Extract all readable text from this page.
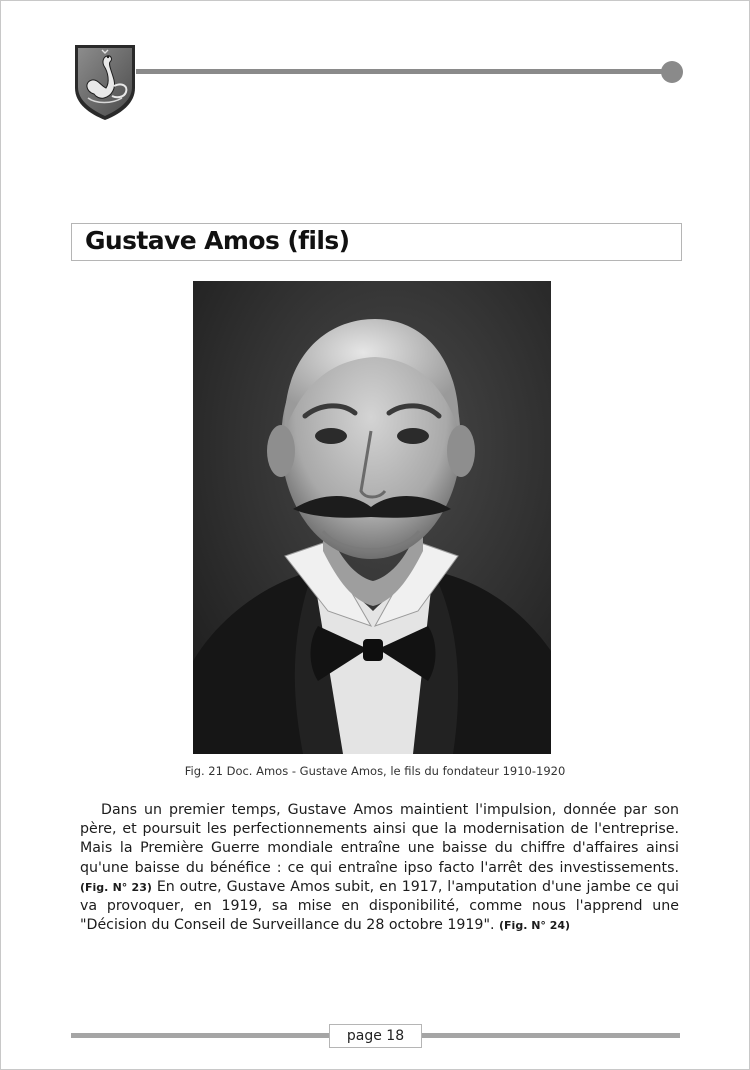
Gustave Amos (fils)
Fig. 21 Doc. Amos - Gustave Amos, le fils du fondateur 1910-1920
Dans un premier temps, Gustave Amos maintient l'impulsion, donnée par son père, et poursuit les perfectionnements ainsi que la modernisation de l'entreprise. Mais la Première Guerre mondiale entraîne une baisse du chiffre d'affaires ainsi qu'une baisse du bénéfice : ce qui entraîne ipso facto l'arrêt des investissements. (Fig. N° 23) En outre, Gustave Amos subit, en 1917, l'amputation d'une jambe ce qui va provoquer, en 1919, sa mise en disponibilité, comme nous l'apprend une "Décision du Conseil de Surveillance du 28 octobre 1919". (Fig. N° 24)
page 18
